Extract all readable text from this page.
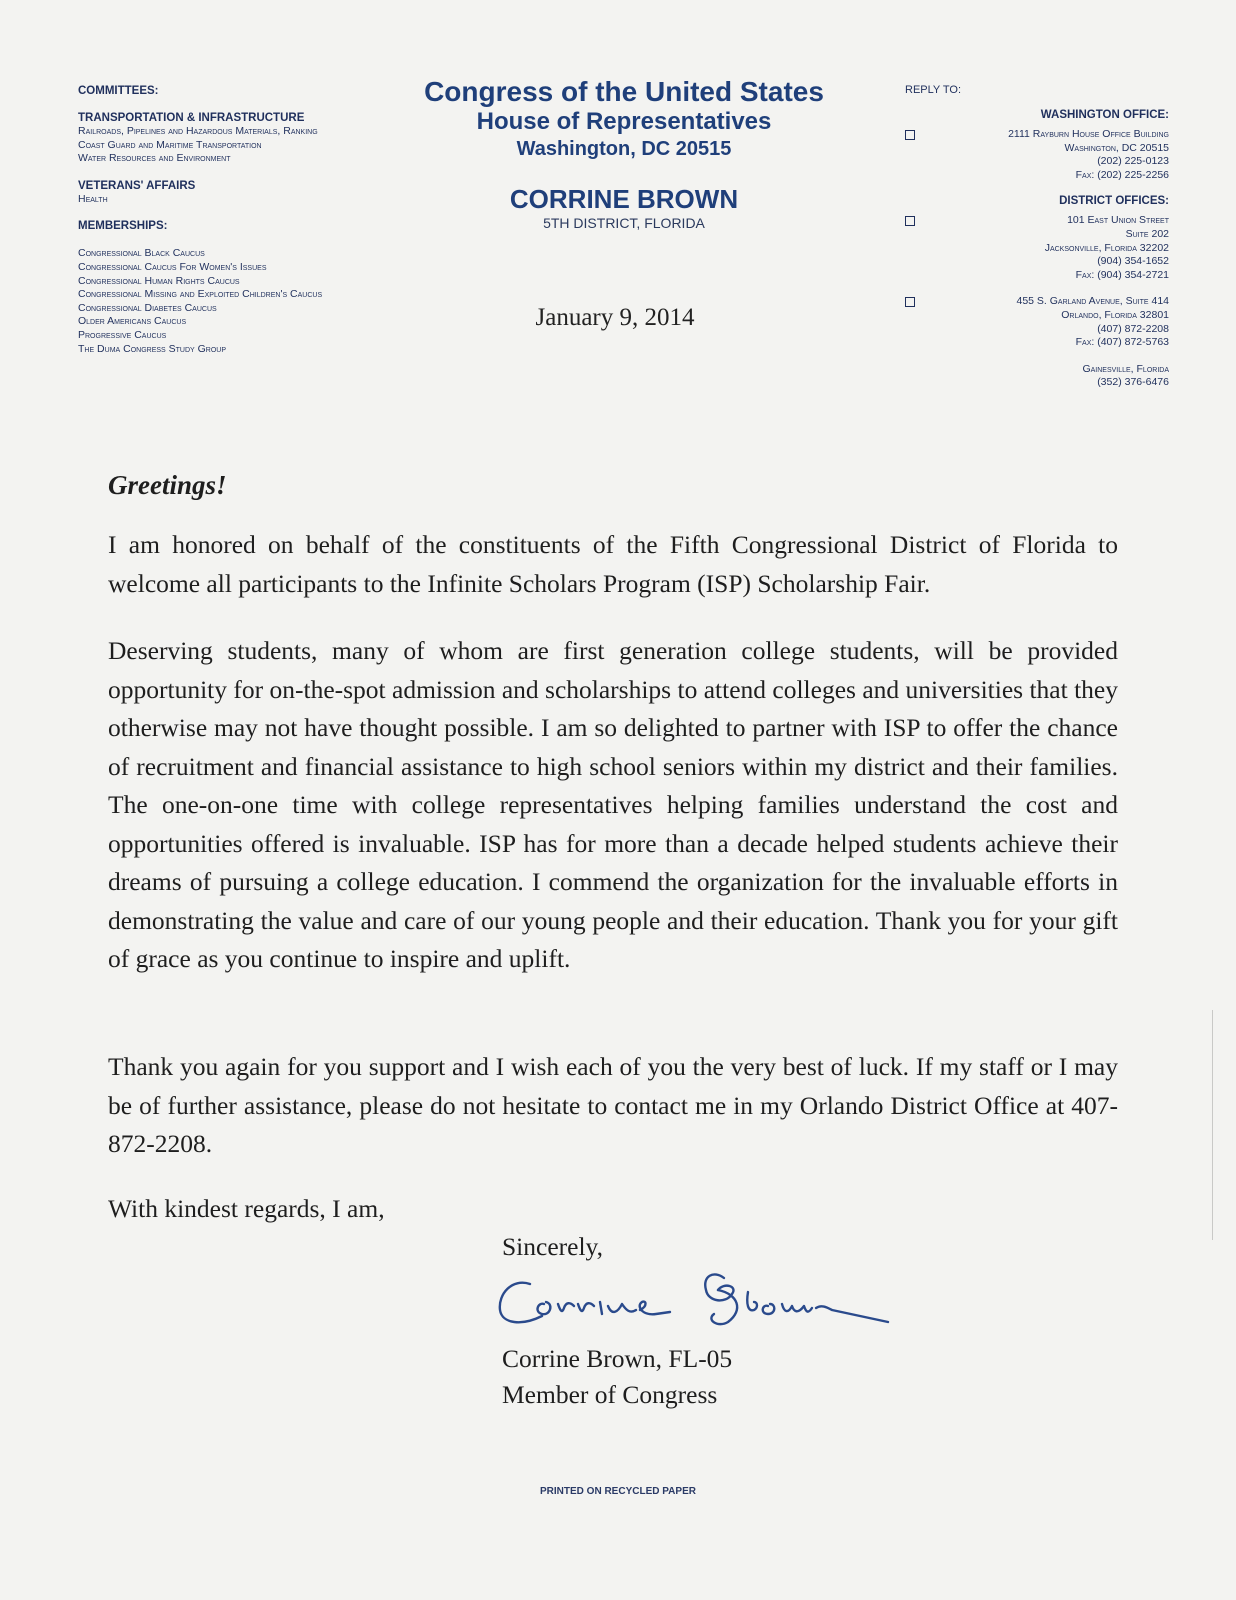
COMMITTEES:

TRANSPORTATION & INFRASTRUCTURE

Railroads, Pipelines and Hazardous Materials, Ranking

Coast Guard and Maritime Transportation

Water Resources and Environment

VETERANS' AFFAIRS

Health

MEMBERSHIPS:

Congressional Black Caucus

Congressional Caucus For Women's Issues

Congressional Human Rights Caucus

Congressional Missing and Exploited Children's Caucus

Congressional Diabetes Caucus

Older Americans Caucus

Progressive Caucus

The Duma Congress Study Group

Congress of the United States
House of Representatives
Washington, DC 20515
CORRINE BROWN
5TH DISTRICT, FLORIDA
January 9, 2014
REPLY TO:
WASHINGTON OFFICE:
2111 Rayburn House Office Building
Washington, DC 20515
(202) 225-0123
Fax: (202) 225-2256
DISTRICT OFFICES:
101 East Union Street
Suite 202
Jacksonville, Florida 32202
(904) 354-1652
Fax: (904) 354-2721
455 S. Garland Avenue, Suite 414
Orlando, Florida 32801
(407) 872-2208
Fax: (407) 872-5763
Gainesville, Florida
(352) 376-6476
Greetings!

I am honored on behalf of the constituents of the Fifth Congressional District of Florida to welcome all participants to the Infinite Scholars Program (ISP) Scholarship Fair.

Deserving students, many of whom are first generation college students, will be provided opportunity for on-the-spot admission and scholarships to attend colleges and universities that they otherwise may not have thought possible. I am so delighted to partner with ISP to offer the chance of recruitment and financial assistance to high school seniors within my district and their families. The one-on-one time with college representatives helping families understand the cost and opportunities offered is invaluable. ISP has for more than a decade helped students achieve their dreams of pursuing a college education. I commend the organization for the invaluable efforts in demonstrating the value and care of our young people and their education. Thank you for your gift of grace as you continue to inspire and uplift.

Thank you again for you support and I wish each of you the very best of luck. If my staff or I may be of further assistance, please do not hesitate to contact me in my Orlando District Office at 407-872-2208.

With kindest regards, I am,
Sincerely,
Corrine Brown, FL-05
Member of Congress
PRINTED ON RECYCLED PAPER
